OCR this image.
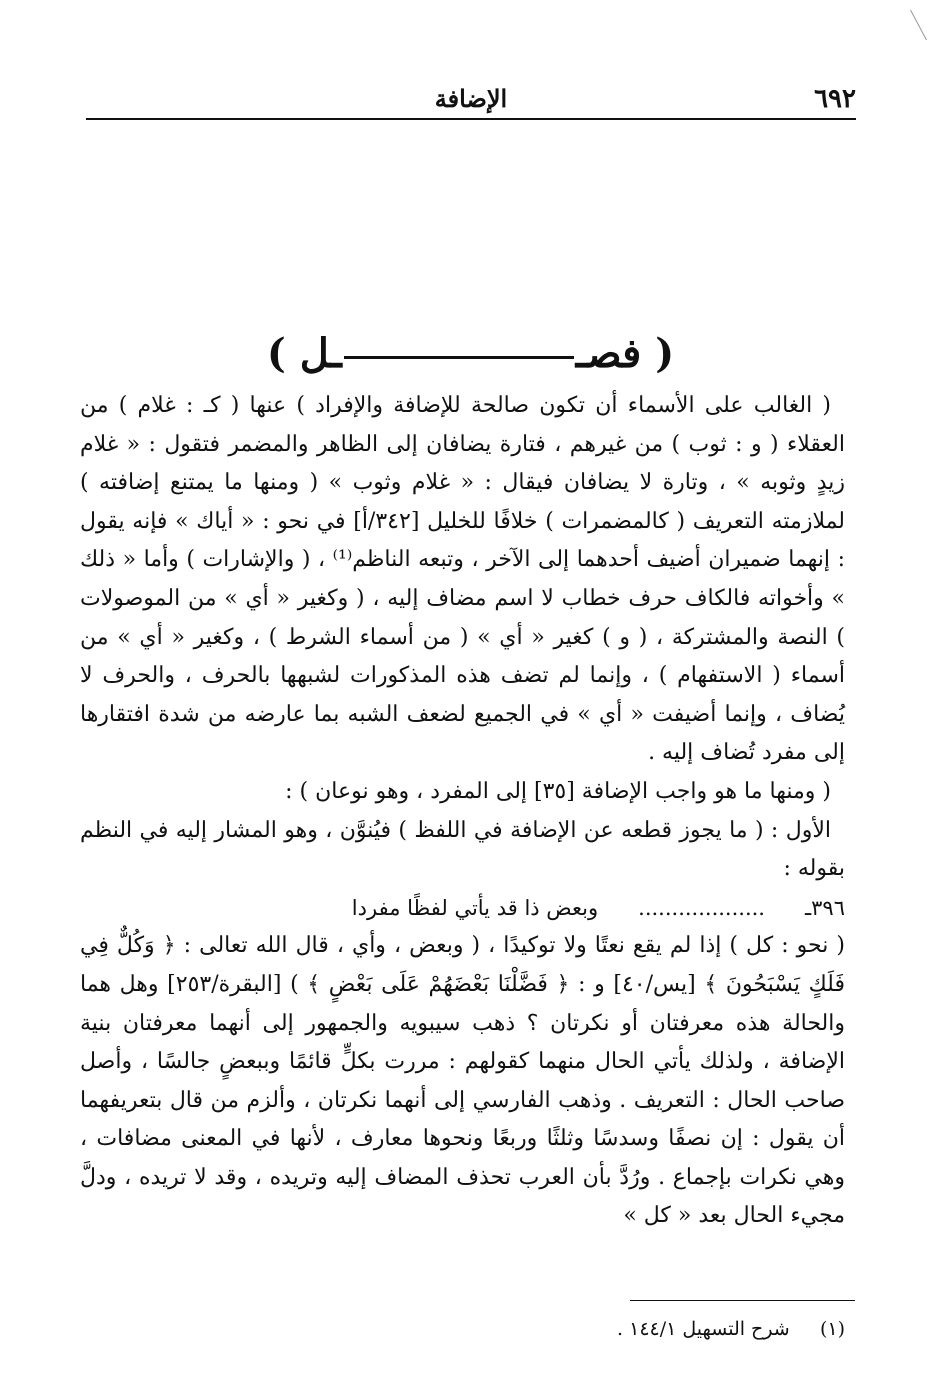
٦٩٢
الإضافة
( فصــل )

( الغالب على الأسماء أن تكون صالحة للإضافة والإفراد ) عنها ( كـ : غلام ) من العقلاء ( و : ثوب ) من غيرهم ، فتارة يضافان إلى الظاهر والمضمر فتقول : « غلام زيدٍ وثوبه » ، وتارة لا يضافان فيقال : « غلام وثوب » ( ومنها ما يمتنع إضافته ) لملازمته التعريف ( كالمضمرات ) خلافًا للخليل [٣٤٢/أ] في نحو : « أياك » فإنه يقول : إنهما ضميران أضيف أحدهما إلى الآخر ، وتبعه الناظم⁽¹⁾ ، ( والإشارات ) وأما « ذلك » وأخواته فالكاف حرف خطاب لا اسم مضاف إليه ، ( وكغير « أي » من الموصولات ) النصة والمشتركة ، ( و ) كغير « أي » ( من أسماء الشرط ) ، وكغير « أي » من أسماء ( الاستفهام ) ، وإنما لم تضف هذه المذكورات لشبهها بالحرف ، والحرف لا يُضاف ، وإنما أضيفت « أي » في الجميع لضعف الشبه بما عارضه من شدة افتقارها إلى مفرد تُضاف إليه .

( ومنها ما هو واجب الإضافة [٣٥] إلى المفرد ، وهو نوعان ) :

الأول : ( ما يجوز قطعه عن الإضافة في اللفظ ) فيُنوَّن ، وهو المشار إليه في النظم بقوله :

٣٩٦ـ
...................
وبعض ذا قد يأتي لفظًا مفردا

( نحو : كل ) إذا لم يقع نعتًا ولا توكيدًا ، ( وبعض ، وأي ، قال الله تعالى : ﴿ وَكُلٌّ فِي فَلَكٍ يَسْبَحُونَ ﴾ [يس/٤٠] و : ﴿ فَضَّلْنَا بَعْضَهُمْ عَلَى بَعْضٍ ﴾ ) [البقرة/٢٥٣] وهل هما والحالة هذه معرفتان أو نكرتان ؟ ذهب سيبويه والجمهور إلى أنهما معرفتان بنية الإضافة ، ولذلك يأتي الحال منهما كقولهم : مررت بكلٍّ قائمًا وببعضٍ جالسًا ، وأصل صاحب الحال : التعريف . وذهب الفارسي إلى أنهما نكرتان ، وألزم من قال بتعريفهما أن يقول : إن نصفًا وسدسًا وثلثًا وربعًا ونحوها معارف ، لأنها في المعنى مضافات ، وهي نكرات بإجماع . ورُدَّ بأن العرب تحذف المضاف إليه وتريده ، وقد لا تريده ، ودلَّ مجيء الحال بعد « كل »

(١)     شرح التسهيل ١٤٤/١ .
